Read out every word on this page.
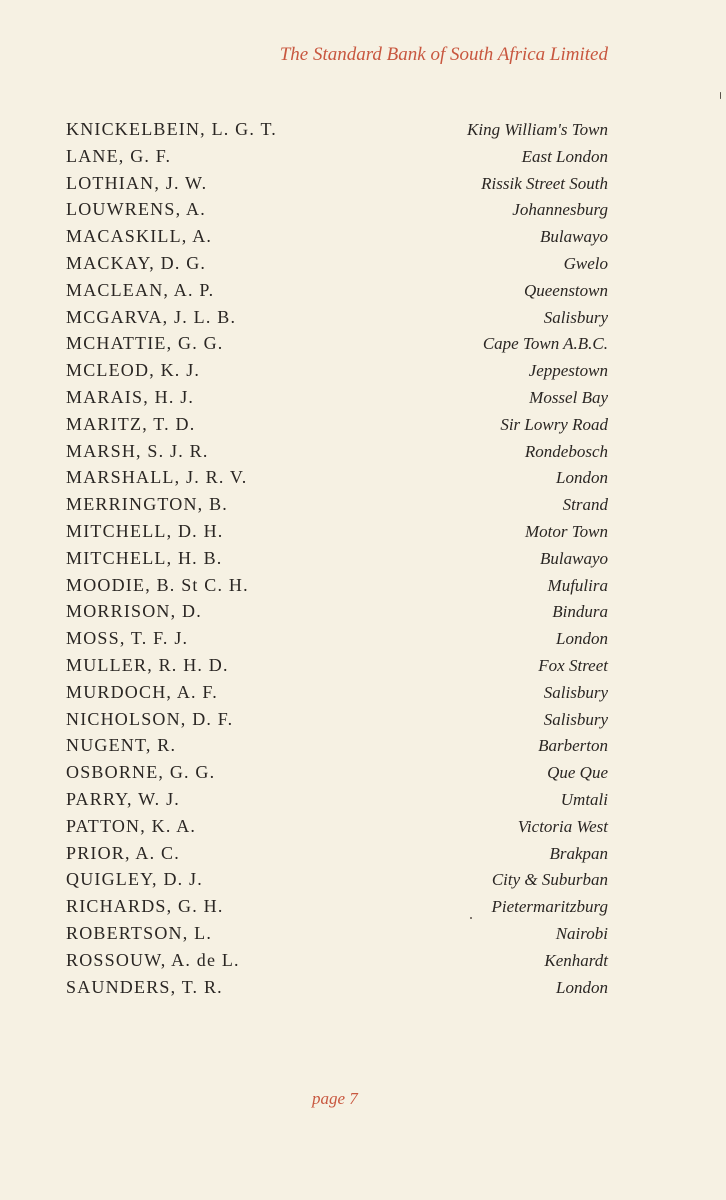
The Standard Bank of South Africa Limited
KNICKELBEIN, L. G. T.	King William's Town
LANE, G. F.	East London
LOTHIAN, J. W.	Rissik Street South
LOUWRENS, A.	Johannesburg
MACASKILL, A.	Bulawayo
MACKAY, D. G.	Gwelo
MACLEAN, A. P.	Queenstown
MCGARVA, J. L. B.	Salisbury
MCHATTIE, G. G.	Cape Town A.B.C.
MCLEOD, K. J.	Jeppestown
MARAIS, H. J.	Mossel Bay
MARITZ, T. D.	Sir Lowry Road
MARSH, S. J. R.	Rondebosch
MARSHALL, J. R. V.	London
MERRINGTON, B.	Strand
MITCHELL, D. H.	Motor Town
MITCHELL, H. B.	Bulawayo
MOODIE, B. St C. H.	Mufulira
MORRISON, D.	Bindura
MOSS, T. F. J.	London
MULLER, R. H. D.	Fox Street
MURDOCH, A. F.	Salisbury
NICHOLSON, D. F.	Salisbury
NUGENT, R.	Barberton
OSBORNE, G. G.	Que Que
PARRY, W. J.	Umtali
PATTON, K. A.	Victoria West
PRIOR, A. C.	Brakpan
QUIGLEY, D. J.	City & Suburban
RICHARDS, G. H.	Pietermaritzburg
ROBERTSON, L.	Nairobi
ROSSOUW, A. de L.	Kenhardt
SAUNDERS, T. R.	London
page 7
